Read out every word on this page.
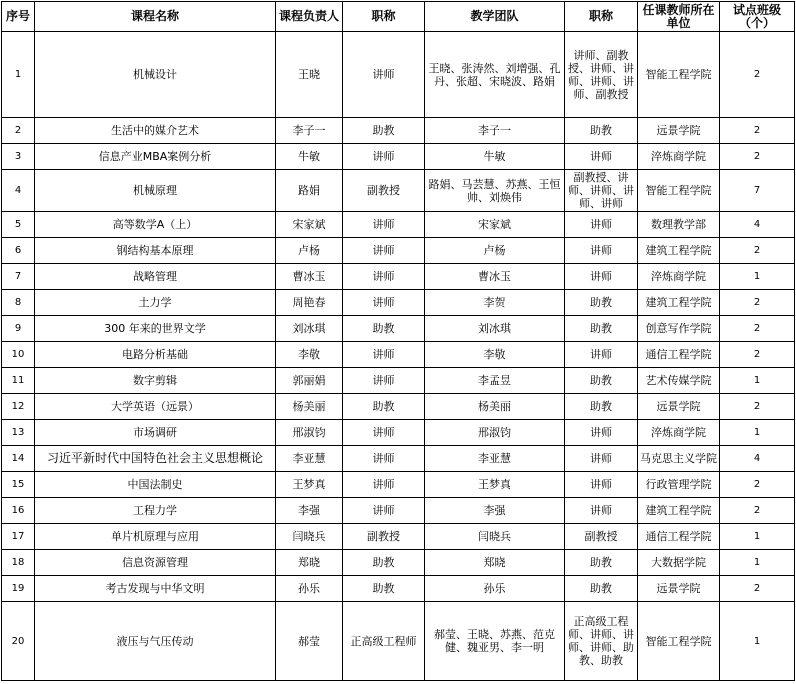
序号	课程名称	课程负责人	职称	教学团队	职称	任课教师所在单位	试点班级（个）
1	机械设计	王晓	讲师	王晓、张涛然、刘增强、孔丹、张超、宋晓波、路娟	讲师、副教授、讲师、讲师、讲师、讲师、副教授	智能工程学院	2
2	生活中的媒介艺术	李子一	助教	李子一	助教	远景学院	2
3	信息产业MBA案例分析	牛敏	讲师	牛敏	讲师	淬炼商学院	2
4	机械原理	路娟	副教授	路娟、马芸慧、苏燕、王恒帅、刘焕伟	副教授、讲师、讲师、讲师、讲师	智能工程学院	7
5	高等数学A（上）	宋家斌	讲师	宋家斌	讲师	数理教学部	4
6	钢结构基本原理	卢杨	讲师	卢杨	讲师	建筑工程学院	2
7	战略管理	曹冰玉	讲师	曹冰玉	讲师	淬炼商学院	1
8	土力学	周艳春	讲师	李贺	助教	建筑工程学院	2
9	300 年来的世界文学	刘冰琪	助教	刘冰琪	助教	创意写作学院	2
10	电路分析基础	李敬	讲师	李敬	讲师	通信工程学院	2
11	数字剪辑	郭丽娟	讲师	李孟昱	助教	艺术传媒学院	1
12	大学英语（远景）	杨美丽	助教	杨美丽	助教	远景学院	2
13	市场调研	邢淑钧	讲师	邢淑钧	讲师	淬炼商学院	1
14	习近平新时代中国特色社会主义思想概论	李亚慧	讲师	李亚慧	讲师	马克思主义学院	4
15	中国法制史	王梦真	讲师	王梦真	讲师	行政管理学院	2
16	工程力学	李强	讲师	李强	讲师	建筑工程学院	2
17	单片机原理与应用	闫晓兵	副教授	闫晓兵	副教授	通信工程学院	1
18	信息资源管理	郑晓	助教	郑晓	助教	大数据学院	1
19	考古发现与中华文明	孙乐	助教	孙乐	助教	远景学院	2
20	液压与气压传动	郝莹	正高级工程师	郝莹、王晓、苏燕、范克健、魏亚男、李一明	正高级工程师、讲师、讲师、讲师、助教、助教	智能工程学院	1
